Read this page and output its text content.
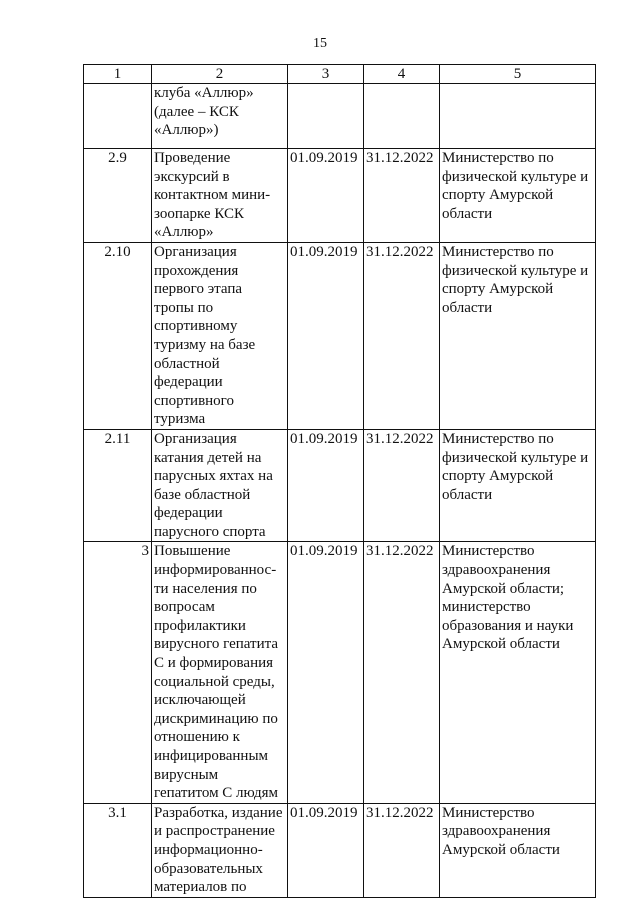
15
1	2	3	4	5
	клуба «Аллюр» (далее – КСК «Аллюр»)			
2.9	Проведение экскурсий в контактном мини-зоопарке КСК «Аллюр»	01.09.2019	31.12.2022	Министерство по физической культуре и спорту Амурской области
2.10	Организация прохождения первого этапа тропы по спортивному туризму на базе областной федерации спортивного туризма	01.09.2019	31.12.2022	Министерство по физической культуре и спорту Амурской области
2.11	Организация катания детей на парусных яхтах на базе областной федерации парусного спорта	01.09.2019	31.12.2022	Министерство по физической культуре и спорту Амурской области
3	Повышение информированнос-ти населения по вопросам профилактики вирусного гепатита С и формирования социальной среды, исключающей дискриминацию по отношению к инфицированным вирусным гепатитом С людям	01.09.2019	31.12.2022	Министерство здравоохранения Амурской области; министерство образования и науки Амурской области
3.1	Разработка, издание и распространение информационно-образовательных материалов по	01.09.2019	31.12.2022	Министерство здравоохранения Амурской области
